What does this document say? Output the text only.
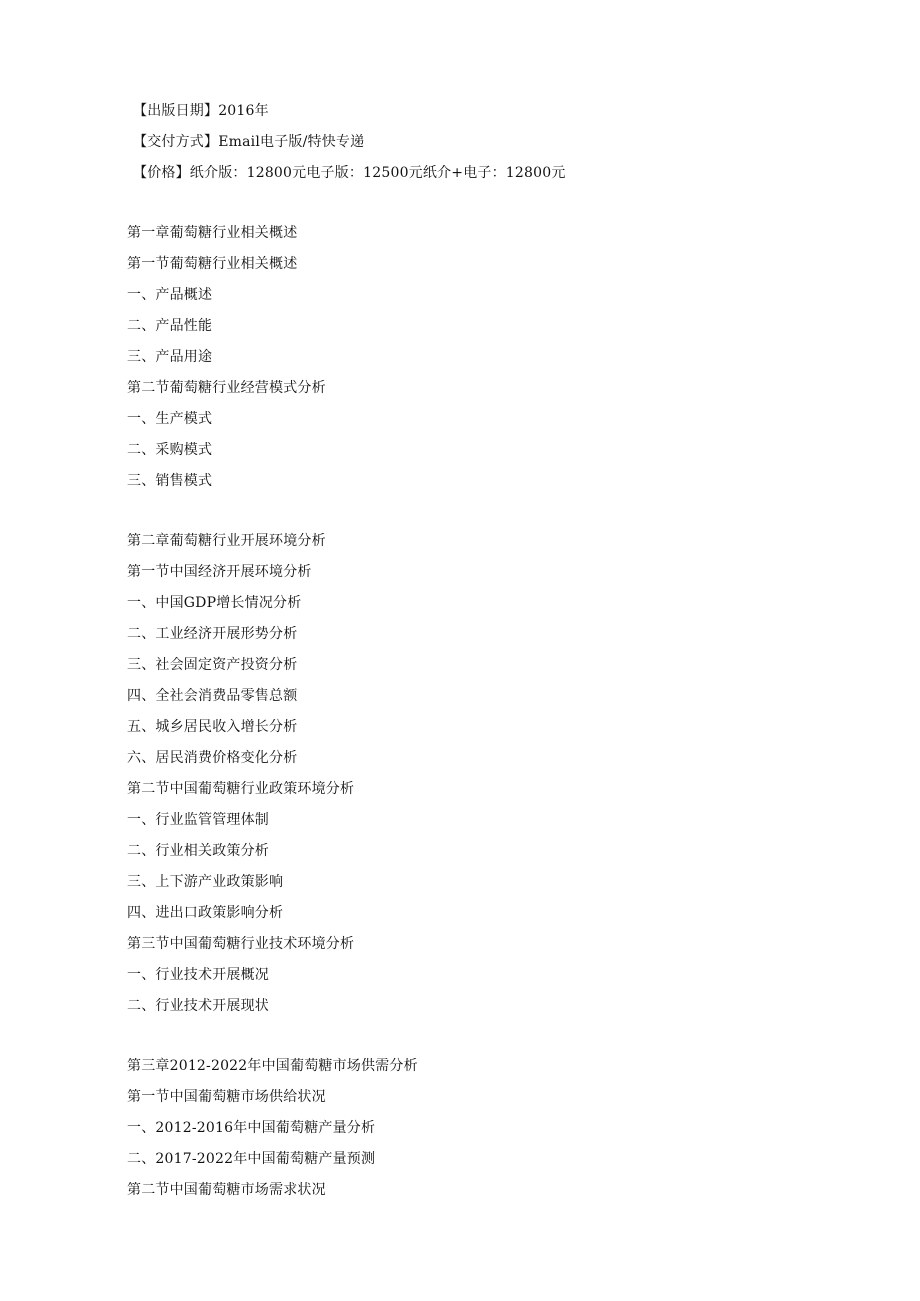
【出版日期】2016年
【交付方式】Email电子版/特快专递
【价格】纸介版：12800元电子版：12500元纸介+电子：12800元
第一章葡萄糖行业相关概述
第一节葡萄糖行业相关概述
一、产品概述
二、产品性能
三、产品用途
第二节葡萄糖行业经营模式分析
一、生产模式
二、采购模式
三、销售模式
第二章葡萄糖行业开展环境分析
第一节中国经济开展环境分析
一、中国GDP增长情况分析
二、工业经济开展形势分析
三、社会固定资产投资分析
四、全社会消费品零售总额
五、城乡居民收入增长分析
六、居民消费价格变化分析
第二节中国葡萄糖行业政策环境分析
一、行业监管管理体制
二、行业相关政策分析
三、上下游产业政策影响
四、进出口政策影响分析
第三节中国葡萄糖行业技术环境分析
一、行业技术开展概况
二、行业技术开展现状
第三章2012-2022年中国葡萄糖市场供需分析
第一节中国葡萄糖市场供给状况
一、2012-2016年中国葡萄糖产量分析
二、2017-2022年中国葡萄糖产量预测
第二节中国葡萄糖市场需求状况
